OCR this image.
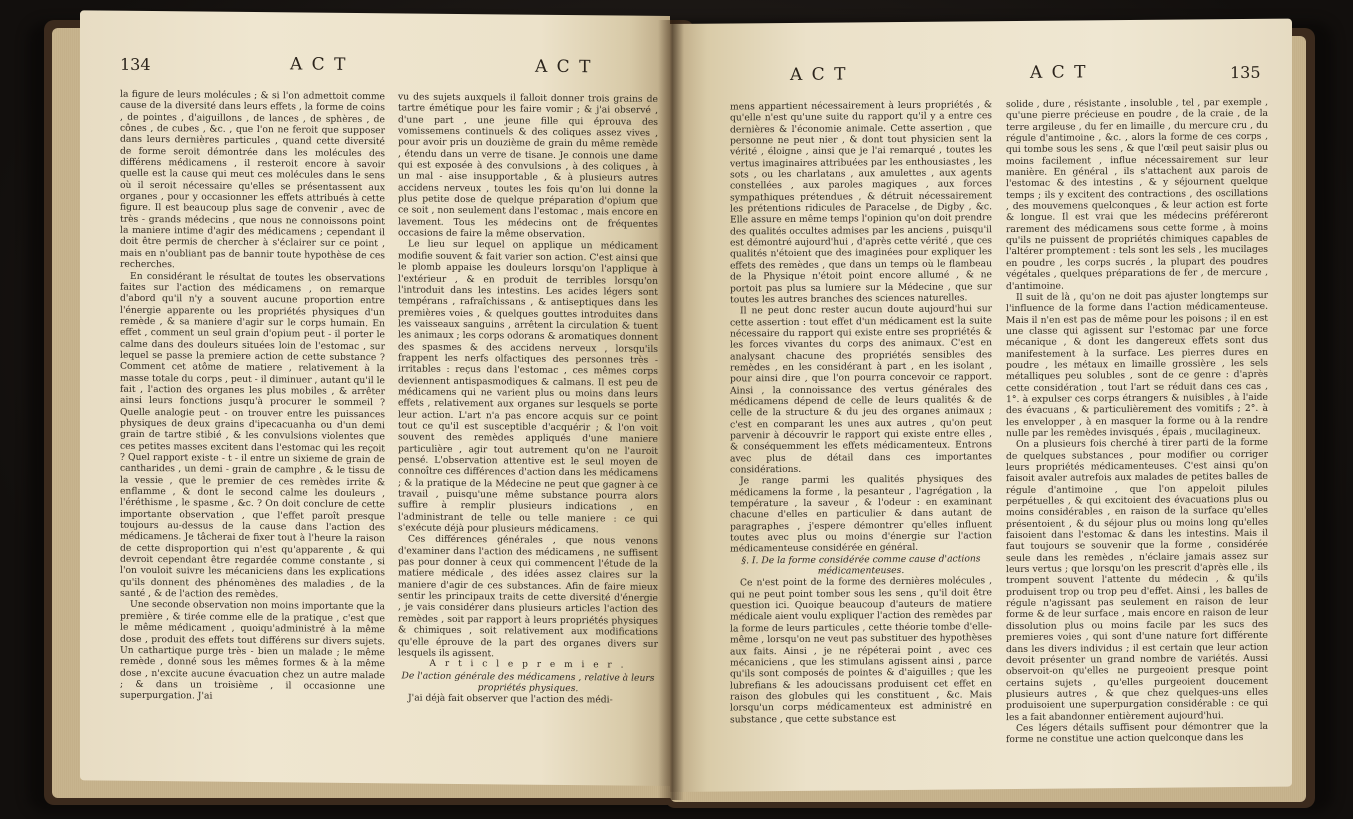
134	A C T	A C T

la figure de leurs molécules ; & si l'on admettoit comme cause de la diversité dans leurs effets , la forme de coins , de pointes , d'aiguillons , de lances , de sphères , de cônes , de cubes , &c. , que l'on ne feroit que supposer dans leurs dernières particules , quand cette diversité de forme seroit démontrée dans les molécules des différens médicamens , il resteroit encore à savoir quelle est la cause qui meut ces molécules dans le sens où il seroit nécessaire qu'elles se présentassent aux organes , pour y occasionner les effets attribués à cette figure. Il est beaucoup plus sage de convenir , avec de très - grands médecins , que nous ne connoissons point la maniere intime d'agir des médicamens ; cependant il doit être permis de chercher à s'éclairer sur ce point , mais en n'oubliant pas de bannir toute hypothèse de ces recherches.

En considérant le résultat de toutes les observations faites sur l'action des médicamens , on remarque d'abord qu'il n'y a souvent aucune proportion entre l'énergie apparente ou les propriétés physiques d'un remède , & sa maniere d'agir sur le corps humain. En effet , comment un seul grain d'opium peut - il porter le calme dans des douleurs situées loin de l'estomac , sur lequel se passe la premiere action de cette substance ? Comment cet atôme de matiere , relativement à la masse totale du corps , peut - il diminuer , autant qu'il le fait , l'action des organes les plus mobiles , & arrêter ainsi leurs fonctions jusqu'à procurer le sommeil ? Quelle analogie peut - on trouver entre les puissances physiques de deux grains d'ipecacuanha ou d'un demi grain de tartre stibié , & les convulsions violentes que ces petites masses excitent dans l'estomac qui les reçoit ? Quel rapport existe - t - il entre un sixieme de grain de cantharides , un demi - grain de camphre , & le tissu de la vessie , que le premier de ces remèdes irrite & enflamme , & dont le second calme les douleurs , l'éréthisme , le spasme , &c. ? On doit conclure de cette importante observation , que l'effet paroît presque toujours au-dessus de la cause dans l'action des médicamens. Je tâcherai de fixer tout à l'heure la raison de cette disproportion qui n'est qu'apparente , & qui devroit cependant être regardée comme constante , si l'on vouloit suivre les mécaniciens dans les explications qu'ils donnent des phénomènes des maladies , de la santé , & de l'action des remèdes.

Une seconde observation non moins importante que la première , & tirée comme elle de la pratique , c'est que le même médicament , quoiqu'administré à la même dose , produit des effets tout différens sur divers sujets. Un cathartique purge très - bien un malade ; le même remède , donné sous les mêmes formes & à la même dose , n'excite aucune évacuation chez un autre malade ; & dans un troisième , il occasionne une superpurgation. J'ai

vu des sujets auxquels il falloit donner trois grains de tartre émétique pour les faire vomir ; & j'ai observé , d'une part , une jeune fille qui éprouva des vomissemens continuels & des coliques assez vives , pour avoir pris un douzième de grain du même remède , étendu dans un verre de tisane. Je connois une dame qui est exposée à des convulsions , à des coliques , à un mal - aise insupportable , & à plusieurs autres accidens nerveux , toutes les fois qu'on lui donne la plus petite dose de quelque préparation d'opium que ce soit , non seulement dans l'estomac , mais encore en lavement. Tous les médecins ont de fréquentes occasions de faire la même observation.

Le lieu sur lequel on applique un médicament modifie souvent & fait varier son action. C'est ainsi que le plomb appaise les douleurs lorsqu'on l'applique à l'extérieur , & en produit de terribles lorsqu'on l'introduit dans les intestins. Les acides légers sont tempérans , rafraîchissans , & antiseptiques dans les premières voies , & quelques gouttes introduites dans les vaisseaux sanguins , arrêtent la circulation & tuent les animaux ; les corps odorans & aromatiques donnent des spasmes & des accidens nerveux , lorsqu'ils frappent les nerfs olfactiques des personnes très - irritables : reçus dans l'estomac , ces mêmes corps deviennent antispasmodiques & calmans. Il est peu de médicamens qui ne varient plus ou moins dans leurs effets , relativement aux organes sur lesquels se porte leur action. L'art n'a pas encore acquis sur ce point tout ce qu'il est susceptible d'acquérir ; & l'on voit souvent des remèdes appliqués d'une maniere particulière , agir tout autrement qu'on ne l'auroit pensé. L'observation attentive est le seul moyen de connoître ces différences d'action dans les médicamens ; & la pratique de la Médecine ne peut que gagner à ce travail , puisqu'une même substance pourra alors suffire à remplir plusieurs indications , en l'administrant de telle ou telle maniere : ce qui s'exécute déjà pour plusieurs médicamens.

Ces différences générales , que nous venons d'examiner dans l'action des médicamens , ne suffisent pas pour donner à ceux qui commencent l'étude de la matiere médicale , des idées assez claires sur la maniere d'agir de ces substances. Afin de faire mieux sentir les principaux traits de cette diversité d'énergie , je vais considérer dans plusieurs articles l'action des remèdes , soit par rapport à leurs propriétés physiques & chimiques , soit relativement aux modifications qu'elle éprouve de la part des organes divers sur lesquels ils agissent.

A r t i c l e p r e m i e r .

De l'action générale des médicamens , relative à leurs propriétés physiques.

J'ai déjà fait observer que l'action des médi-

A C T	A C T	135

mens appartient nécessairement à leurs propriétés , & qu'elle n'est qu'une suite du rapport qu'il y a entre ces dernières & l'économie animale. Cette assertion , que personne ne peut nier , & dont tout physicien sent la vérité , éloigne , ainsi que je l'ai remarqué , toutes les vertus imaginaires attribuées par les enthousiastes , les sots , ou les charlatans , aux amulettes , aux agents constellées , aux paroles magiques , aux forces sympathiques prétendues , & détruit nécessairement les prétentions ridicules de Paracelse , de Digby , &c. Elle assure en même temps l'opinion qu'on doit prendre des qualités occultes admises par les anciens , puisqu'il est démontré aujourd'hui , d'après cette vérité , que ces qualités n'étoient que des imaginées pour expliquer les effets des remèdes , que dans un temps où le flambeau de la Physique n'étoit point encore allumé , & ne portoit pas plus sa lumiere sur la Médecine , que sur toutes les autres branches des sciences naturelles.

Il ne peut donc rester aucun doute aujourd'hui sur cette assertion : tout effet d'un médicament est la suite nécessaire du rapport qui existe entre ses propriétés & les forces vivantes du corps des animaux. C'est en analysant chacune des propriétés sensibles des remèdes , en les considérant à part , en les isolant , pour ainsi dire , que l'on pourra concevoir ce rapport. Ainsi , la connoissance des vertus générales des médicamens dépend de celle de leurs qualités & de celle de la structure & du jeu des organes animaux ; c'est en comparant les unes aux autres , qu'on peut parvenir à découvrir le rapport qui existe entre elles , & conséquemment les effets médicamenteux. Entrons avec plus de détail dans ces importantes considérations.

Je range parmi les qualités physiques des médicamens la forme , la pesanteur , l'agrégation , la température , la saveur , & l'odeur : en examinant chacune d'elles en particulier & dans autant de paragraphes , j'espere démontrer qu'elles influent toutes avec plus ou moins d'énergie sur l'action médicamenteuse considérée en général.

§. I. De la forme considérée comme cause d'actions médicamenteuses.

Ce n'est point de la forme des dernières molécules , qui ne peut point tomber sous les sens , qu'il doit être question ici. Quoique beaucoup d'auteurs de matiere médicale aient voulu expliquer l'action des remèdes par la forme de leurs particules , cette théorie tombe d'elle-même , lorsqu'on ne veut pas substituer des hypothèses aux faits. Ainsi , je ne répéterai point , avec ces mécaniciens , que les stimulans agissent ainsi , parce qu'ils sont composés de pointes & d'aiguilles ; que les lubrefians & les adoucissans produisent cet effet en raison des globules qui les constituent , &c. Mais lorsqu'un corps médicamenteux est administré en substance , que cette substance est

solide , dure , résistante , insoluble , tel , par exemple , qu'une pierre précieuse en poudre , de la craie , de la terre argileuse , du fer en limaille , du mercure cru , du régule d'antimoine , &c. , alors la forme de ces corps , qui tombe sous les sens , & que l'œil peut saisir plus ou moins facilement , influe nécessairement sur leur manière. En général , ils s'attachent aux parois de l'estomac & des intestins , & y séjournent quelque temps ; ils y excitent des contractions , des oscillations , des mouvemens quelconques , & leur action est forte & longue. Il est vrai que les médecins préféreront rarement des médicamens sous cette forme , à moins qu'ils ne puissent de propriétés chimiques capables de l'altérer promptement : tels sont les sels , les mucilages en poudre , les corps sucrés , la plupart des poudres végétales , quelques préparations de fer , de mercure , d'antimoine.

Il suit de là , qu'on ne doit pas ajuster longtemps sur l'influence de la forme dans l'action médicamenteuse. Mais il n'en est pas de même pour les poisons ; il en est une classe qui agissent sur l'estomac par une force mécanique , & dont les dangereux effets sont dus manifestement à la surface. Les pierres dures en poudre , les métaux en limaille grossière , les sels métalliques peu solubles , sont de ce genre : d'après cette considération , tout l'art se réduit dans ces cas , 1°. à expulser ces corps étrangers & nuisibles , à l'aide des évacuans , & particulièrement des vomitifs ; 2°. à les envelopper , à en masquer la forme ou à la rendre nulle par les remèdes invisqués , épais , mucilagineux.

On a plusieurs fois cherché à tirer parti de la forme de quelques substances , pour modifier ou corriger leurs propriétés médicamenteuses. C'est ainsi qu'on faisoit avaler autrefois aux malades de petites balles de régule d'antimoine , que l'on appeloit pilules perpétuelles , & qui excitoient des évacuations plus ou moins considérables , en raison de la surface qu'elles présentoient , & du séjour plus ou moins long qu'elles faisoient dans l'estomac & dans les intestins. Mais il faut toujours se souvenir que la forme , considérée seule dans les remèdes , n'éclaire jamais assez sur leurs vertus ; que lorsqu'on les prescrit d'après elle , ils trompent souvent l'attente du médecin , & qu'ils produisent trop ou trop peu d'effet. Ainsi , les balles de régule n'agissant pas seulement en raison de leur forme & de leur surface , mais encore en raison de leur dissolution plus ou moins facile par les sucs des premieres voies , qui sont d'une nature fort différente dans les divers individus ; il est certain que leur action devoit présenter un grand nombre de variétés. Aussi observoit-on qu'elles ne purgeoient presque point certains sujets , qu'elles purgeoient doucement plusieurs autres , & que chez quelques-uns elles produisoient une superpurgation considérable : ce qui les a fait abandonner entièrement aujourd'hui.

Ces légers détails suffisent pour démontrer que la forme ne constitue une action quelconque dans les
